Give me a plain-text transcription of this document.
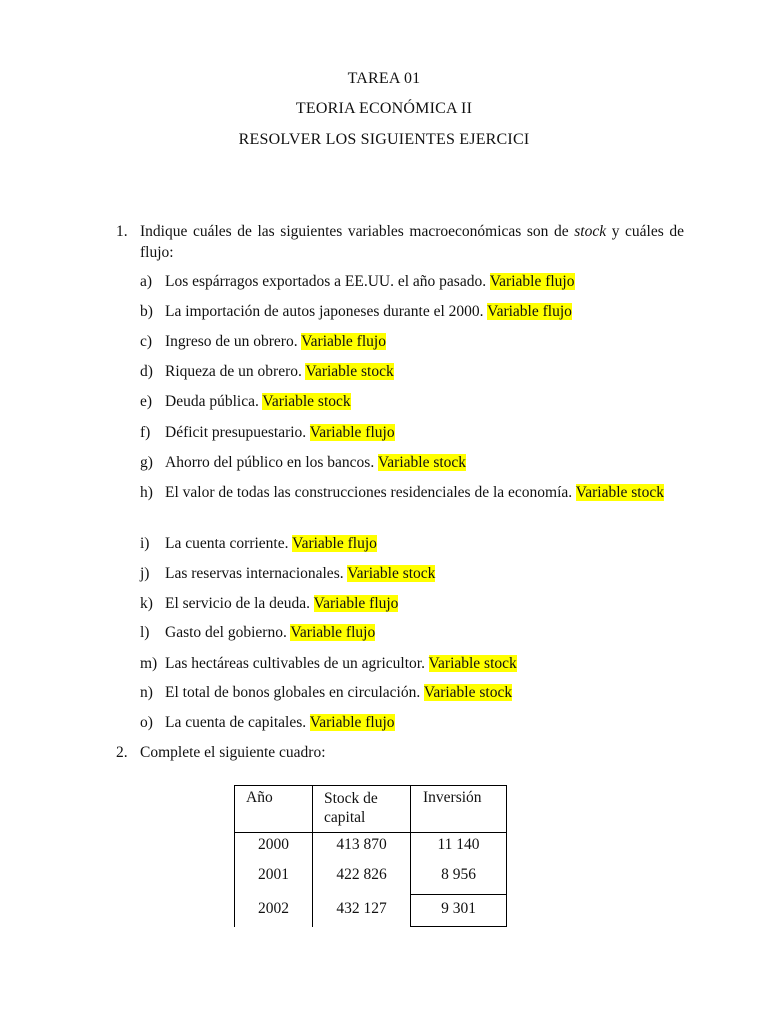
TAREA 01
TEORIA ECONÓMICA II
RESOLVER LOS SIGUIENTES EJERCICI
1. Indique cuáles de las siguientes variables macroeconómicas son de stock y cuáles de flujo:
a) Los espárragos exportados a EE.UU. el año pasado. Variable flujo
b) La importación de autos japoneses durante el 2000. Variable flujo
c) Ingreso de un obrero. Variable flujo
d) Riqueza de un obrero. Variable stock
e) Deuda pública. Variable stock
f) Déficit presupuestario. Variable flujo
g) Ahorro del público en los bancos. Variable stock
h) El valor de todas las construcciones residenciales de la economía. Variable stock
i) La cuenta corriente. Variable flujo
j) Las reservas internacionales. Variable stock
k) El servicio de la deuda. Variable flujo
l) Gasto del gobierno. Variable flujo
m) Las hectáreas cultivables de un agricultor. Variable stock
n) El total de bonos globales en circulación. Variable stock
o) La cuenta de capitales. Variable flujo
2. Complete el siguiente cuadro:
Año	Stock de capital	Inversión
2000	413 870	11 140
2001	422 826	8 956
2002	432 127	9 301
